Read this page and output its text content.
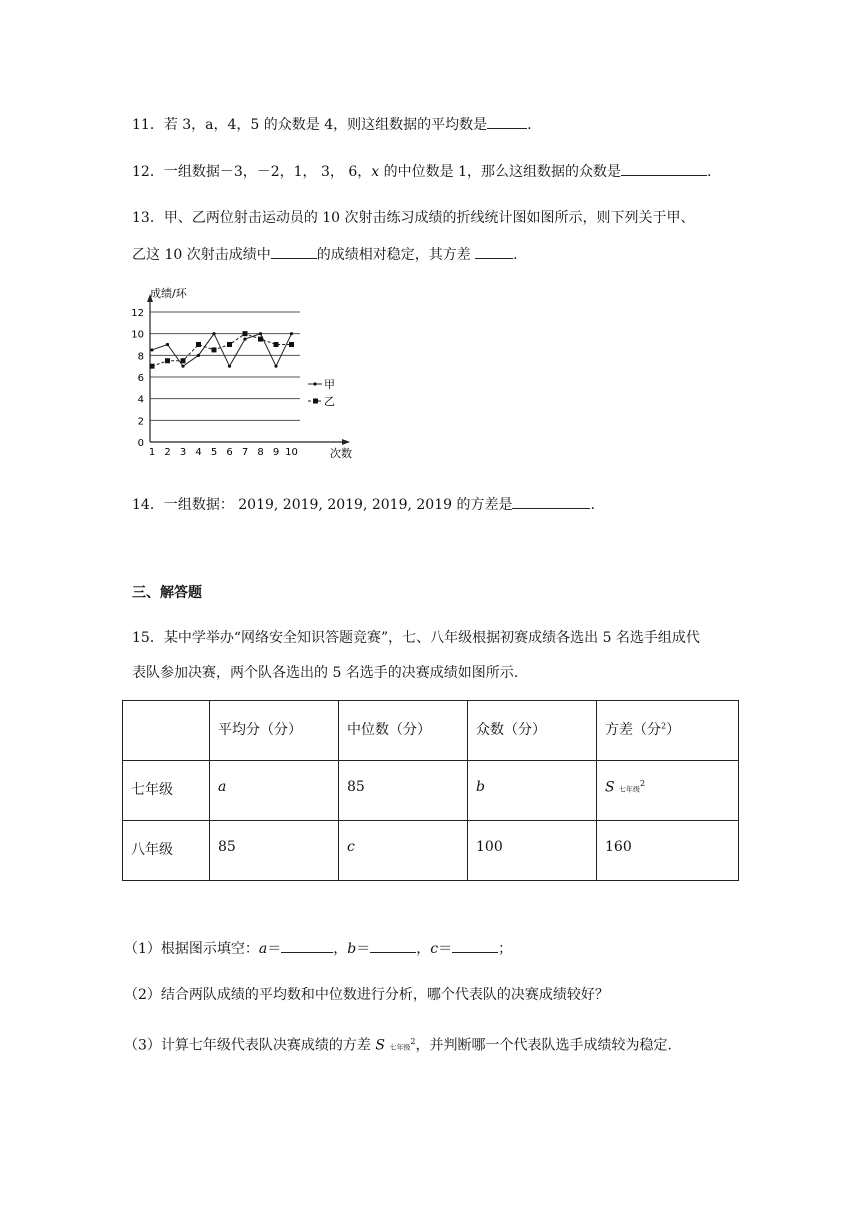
11．若 3，a，4，5 的众数是 4，则这组数据的平均数是	.
12．一组数据－3，－2，1， 3， 6，x 的中位数是 1，那么这组数据的众数是	.
13．甲、乙两位射击运动员的 10 次射击练习成绩的折线统计图如图所示，则下列关于甲、
乙这 10 次射击成绩中	的成绩相对稳定，其方差	.
0
2
4
6
8
10
12
1 2 3 4 5 6 7 8 9 10
甲
乙
成绩/环
次数
14．一组数据： 2019, 2019, 2019, 2019, 2019 的方差是	.
三、解答题
15．某中学举办“网络安全知识答题竞赛”，七、八年级根据初赛成绩各选出 5 名选手组成代
表队参加决赛，两个队各选出的 5 名选手的决赛成绩如图所示.
	平均分（分）	中位数（分）	众数（分）	方差（分$^2$）
七年级	a	85	b	S 七年级$^2$
八年级	85	c	100	160
（1）根据图示填空：a＝	，b＝	，c＝	；
（2）结合两队成绩的平均数和中位数进行分析，哪个代表队的决赛成绩较好？
（3）计算七年级代表队决赛成绩的方差 S 七年级$^2$，并判断哪一个代表队选手成绩较为稳定.
